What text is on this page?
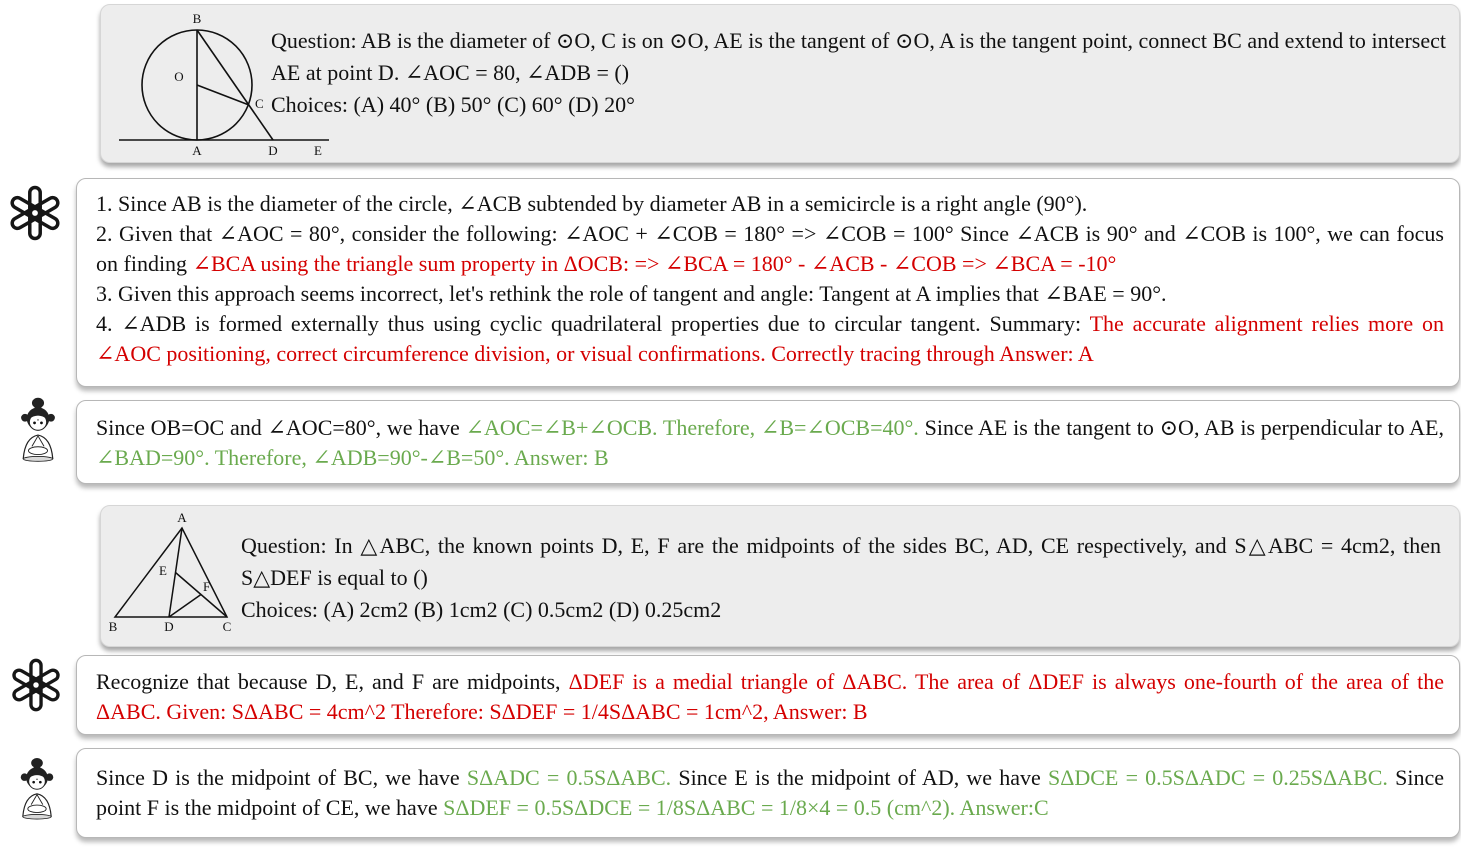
B
O
C
A	D	E
Question: AB is the diameter of ⊙O, C is on ⊙O, AE is the tangent of ⊙O, A is the tangent point, connect BC and extend to intersect AE at point D. ∠AOC = 80, ∠ADB = ()
Choices: (A) 40° (B) 50° (C) 60° (D) 20°

1. Since AB is the diameter of the circle, ∠ACB subtended by diameter AB in a semicircle is a right angle (90°).

2. Given that ∠AOC = 80°, consider the following: ∠AOC + ∠COB = 180° => ∠COB = 100° Since ∠ACB is 90° and ∠COB is 100°, we can focus on finding ∠BCA using the triangle sum property in ΔOCB: => ∠BCA = 180° - ∠ACB - ∠COB => ∠BCA = -10°

3. Given this approach seems incorrect, let's rethink the role of tangent and angle: Tangent at A implies that ∠BAE = 90°.

4. ∠ADB is formed externally thus using cyclic quadrilateral properties due to circular tangent. Summary: The accurate alignment relies more on ∠AOC positioning, correct circumference division, or visual confirmations. Correctly tracing through Answer: A

Since OB=OC and ∠AOC=80°, we have ∠AOC=∠B+∠OCB. Therefore, ∠B=∠OCB=40°. Since AE is the tangent to ⊙O, AB is perpendicular to AE, ∠BAD=90°. Therefore, ∠ADB=90°-∠B=50°. Answer: B

A
B	C
D
E
F
Question: In △ABC, the known points D, E, F are the midpoints of the sides BC, AD, CE respectively, and S△ABC = 4cm2, then S△DEF is equal to ()
Choices: (A) 2cm2 (B) 1cm2 (C) 0.5cm2 (D) 0.25cm2

Recognize that because D, E, and F are midpoints, ΔDEF is a medial triangle of ΔABC. The area of ΔDEF is always one-fourth of the area of the ΔABC. Given: SΔABC = 4cm^2 Therefore: SΔDEF = 1/4SΔABC = 1cm^2, Answer: B

Since D is the midpoint of BC, we have SΔADC = 0.5SΔABC. Since E is the midpoint of AD, we have SΔDCE = 0.5SΔADC = 0.25SΔABC. Since point F is the midpoint of CE, we have SΔDEF = 0.5SΔDCE = 1/8SΔABC = 1/8×4 = 0.5 (cm^2). Answer:C
